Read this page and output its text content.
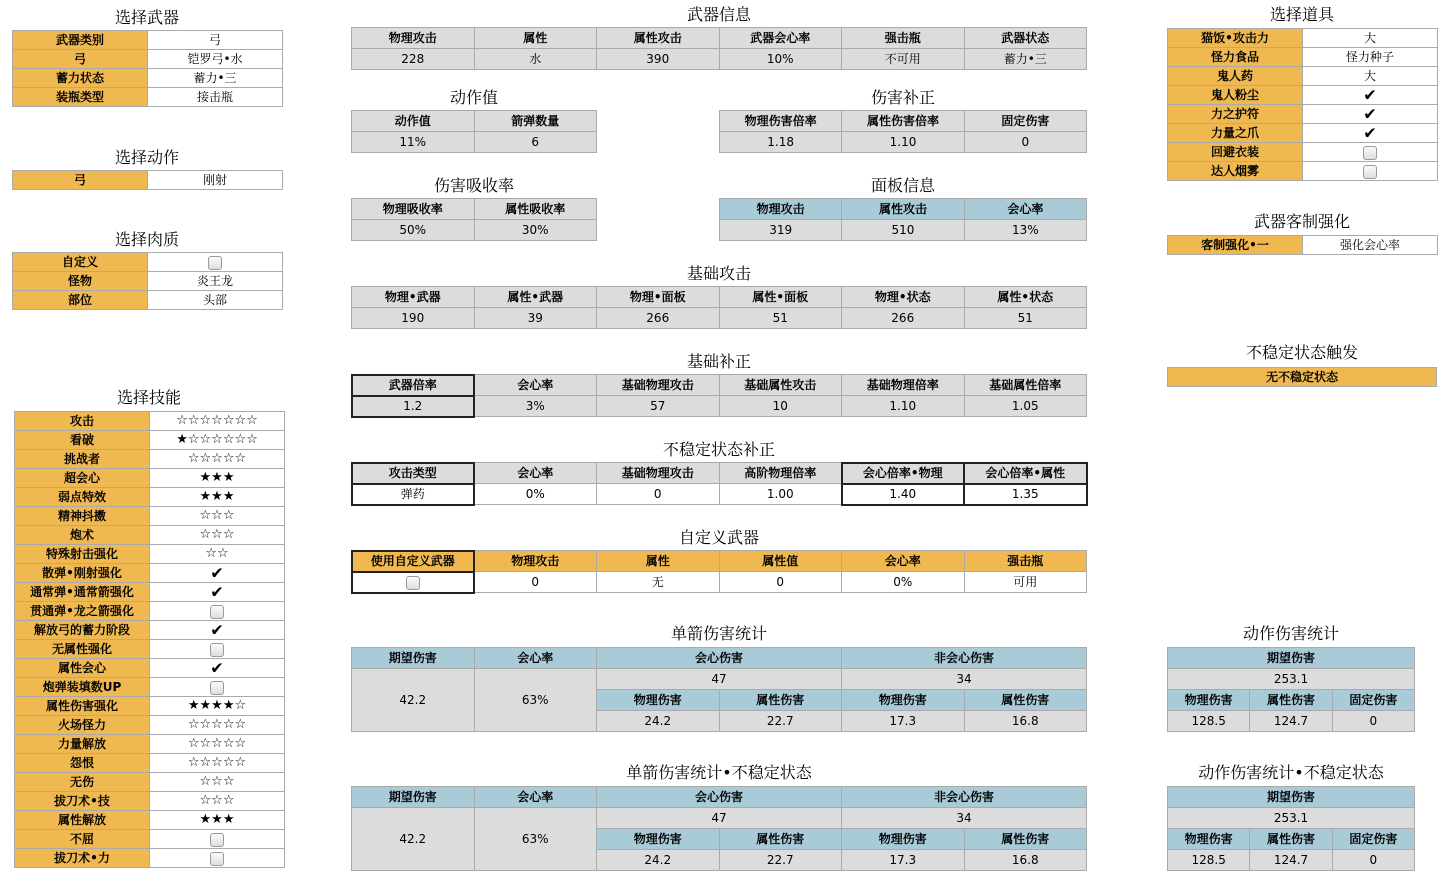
选择武器
武器类别	弓
弓	铠罗弓•水
蓄力状态	蓄力•三
装瓶类型	接击瓶
选择动作
弓	刚射
选择肉质
自定义	
怪物	炎王龙
部位	头部
选择技能
攻击	☆☆☆☆☆☆☆
看破	★☆☆☆☆☆☆
挑战者	☆☆☆☆☆
超会心	★★★
弱点特效	★★★
精神抖擞	☆☆☆
炮术	☆☆☆
特殊射击强化	☆☆
散弹•刚射强化	✔
通常弹•通常箭强化	✔
贯通弹•龙之箭强化	
解放弓的蓄力阶段	✔
无属性强化	
属性会心	✔
炮弹装填数UP	
属性伤害强化	★★★★☆
火场怪力	☆☆☆☆☆
力量解放	☆☆☆☆☆
怨恨	☆☆☆☆☆
无伤	☆☆☆
拔刀术•技	☆☆☆
属性解放	★★★
不屈	
拔刀术•力	
武器信息
物理攻击	属性	属性攻击	武器会心率	强击瓶	武器状态
228	水	390	10%	不可用	蓄力•三
动作值
动作值	箭弹数量
11%	6
伤害补正
物理伤害倍率	属性伤害倍率	固定伤害
1.18	1.10	0
伤害吸收率
物理吸收率	属性吸收率
50%	30%
面板信息
物理攻击	属性攻击	会心率
319	510	13%
基础攻击
物理•武器	属性•武器	物理•面板	属性•面板	物理•状态	属性•状态
190	39	266	51	266	51
基础补正
武器倍率	会心率	基础物理攻击	基础属性攻击	基础物理倍率	基础属性倍率
1.2	3%	57	10	1.10	1.05
不稳定状态补正
攻击类型	会心率	基础物理攻击	高阶物理倍率	会心倍率•物理	会心倍率•属性
弹药	0%	0	1.00	1.40	1.35
自定义武器
使用自定义武器	物理攻击	属性	属性值	会心率	强击瓶
	0	无	0	0%	可用
单箭伤害统计
期望伤害	会心率	会心伤害		非会心伤害	
42.2	63%	47		34	
		物理伤害	属性伤害	物理伤害	属性伤害
		24.2	22.7	17.3	16.8
单箭伤害统计•不稳定状态
期望伤害	会心率	会心伤害		非会心伤害	
42.2	63%	47		34	
		物理伤害	属性伤害	物理伤害	属性伤害
		24.2	22.7	17.3	16.8
选择道具
猫饭•攻击力	大
怪力食品	怪力种子
鬼人药	大
鬼人粉尘	✔
力之护符	✔
力量之爪	✔
回避衣装	
达人烟雾	
武器客制强化
客制强化•一	强化会心率
不稳定状态触发
无不稳定状态
动作伤害统计
期望伤害		
253.1		
物理伤害	属性伤害	固定伤害
128.5	124.7	0
动作伤害统计•不稳定状态
期望伤害		
253.1		
物理伤害	属性伤害	固定伤害
128.5	124.7	0
